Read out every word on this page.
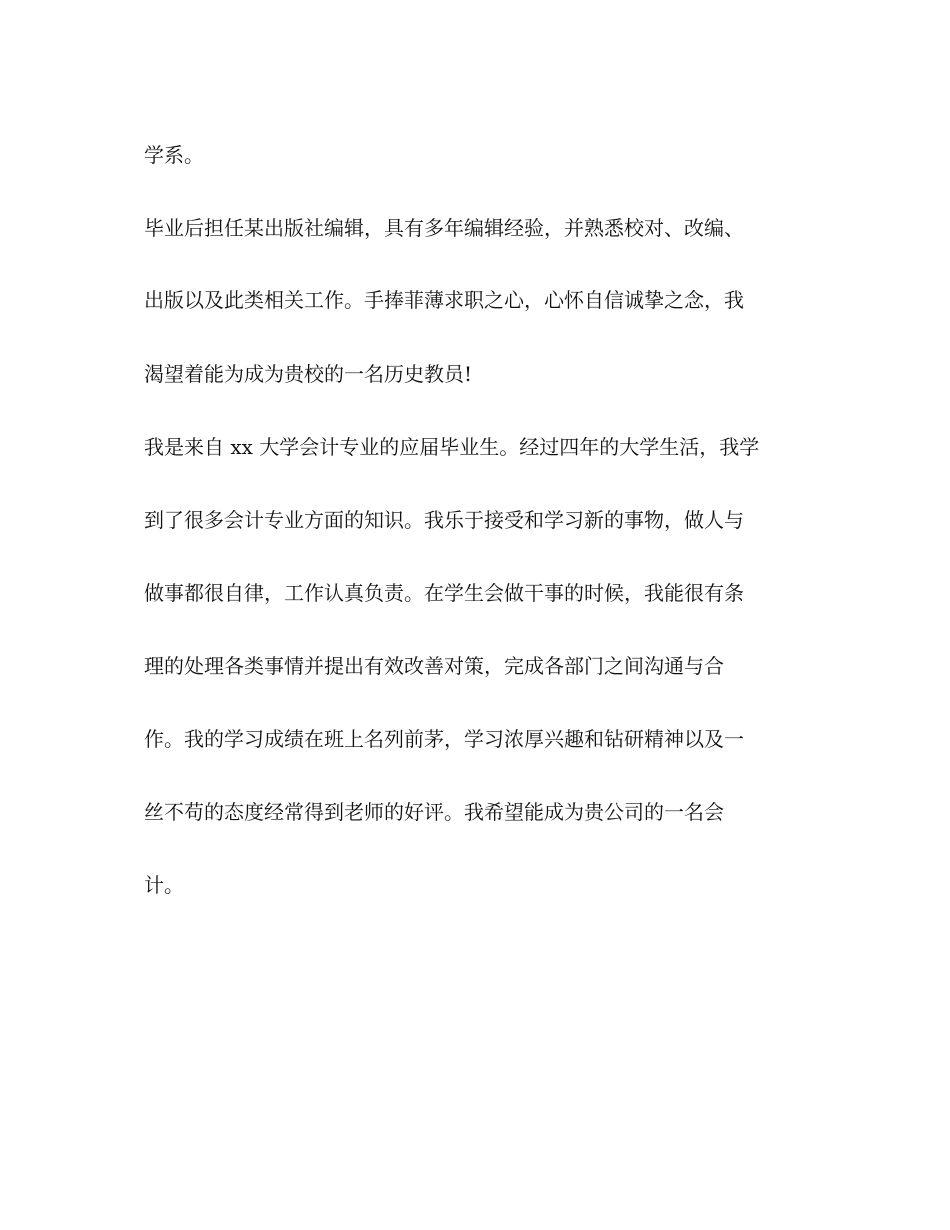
学系。

毕业后担任某出版社编辑，具有多年编辑经验，并熟悉校对、改编、

出版以及此类相关工作。手捧菲薄求职之心，心怀自信诚挚之念，我

渴望着能为成为贵校的一名历史教员!

我是来自 xx 大学会计专业的应届毕业生。经过四年的大学生活，我学

到了很多会计专业方面的知识。我乐于接受和学习新的事物，做人与

做事都很自律，工作认真负责。在学生会做干事的时候，我能很有条

理的处理各类事情并提出有效改善对策，完成各部门之间沟通与合

作。我的学习成绩在班上名列前茅，学习浓厚兴趣和钻研精神以及一

丝不苟的态度经常得到老师的好评。我希望能成为贵公司的一名会

计。
